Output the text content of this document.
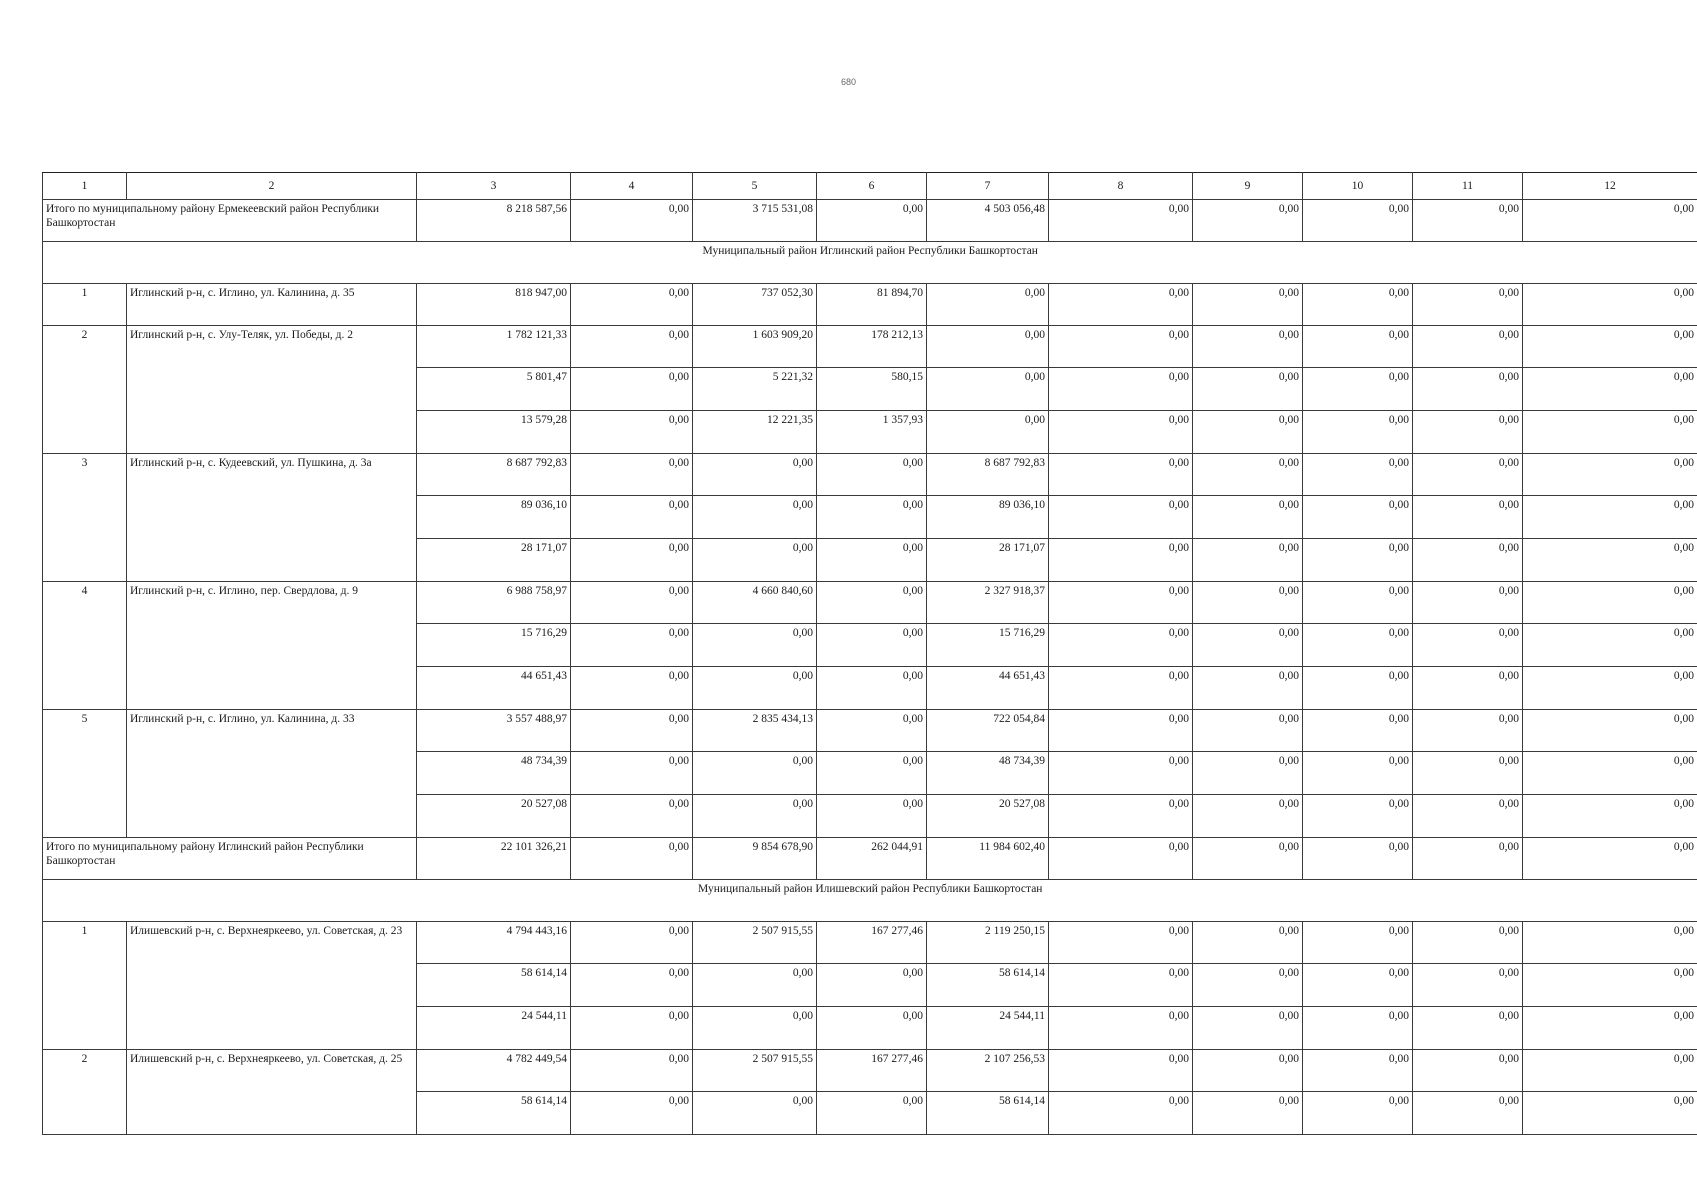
680
1	2	3	4	5	6	7	8	9	10	11	12
Итого по муниципальному району Ермекеевский район Республики Башкортостан		8 218 587,56	0,00	3 715 531,08	0,00	4 503 056,48	0,00	0,00	0,00	0,00	0,00
Муниципальный район Иглинский район Республики Башкортостан											
1	Иглинский р-н, с. Иглино, ул. Калинина, д. 35	818 947,00	0,00	737 052,30	81 894,70	0,00	0,00	0,00	0,00	0,00	0,00
2	Иглинский р-н, с. Улу-Теляк, ул. Победы, д. 2	1 782 121,33	0,00	1 603 909,20	178 212,13	0,00	0,00	0,00	0,00	0,00	0,00
		5 801,47	0,00	5 221,32	580,15	0,00	0,00	0,00	0,00	0,00	0,00
		13 579,28	0,00	12 221,35	1 357,93	0,00	0,00	0,00	0,00	0,00	0,00
3	Иглинский р-н, с. Кудеевский, ул. Пушкина, д. 3а	8 687 792,83	0,00	0,00	0,00	8 687 792,83	0,00	0,00	0,00	0,00	0,00
		89 036,10	0,00	0,00	0,00	89 036,10	0,00	0,00	0,00	0,00	0,00
		28 171,07	0,00	0,00	0,00	28 171,07	0,00	0,00	0,00	0,00	0,00
4	Иглинский р-н, с. Иглино, пер. Свердлова, д. 9	6 988 758,97	0,00	4 660 840,60	0,00	2 327 918,37	0,00	0,00	0,00	0,00	0,00
		15 716,29	0,00	0,00	0,00	15 716,29	0,00	0,00	0,00	0,00	0,00
		44 651,43	0,00	0,00	0,00	44 651,43	0,00	0,00	0,00	0,00	0,00
5	Иглинский р-н, с. Иглино, ул. Калинина, д. 33	3 557 488,97	0,00	2 835 434,13	0,00	722 054,84	0,00	0,00	0,00	0,00	0,00
		48 734,39	0,00	0,00	0,00	48 734,39	0,00	0,00	0,00	0,00	0,00
		20 527,08	0,00	0,00	0,00	20 527,08	0,00	0,00	0,00	0,00	0,00
Итого по муниципальному району Иглинский район Республики Башкортостан		22 101 326,21	0,00	9 854 678,90	262 044,91	11 984 602,40	0,00	0,00	0,00	0,00	0,00
Муниципальный район Илишевский район Республики Башкортостан											
1	Илишевский р-н, с. Верхнеяркеево, ул. Советская, д. 23	4 794 443,16	0,00	2 507 915,55	167 277,46	2 119 250,15	0,00	0,00	0,00	0,00	0,00
		58 614,14	0,00	0,00	0,00	58 614,14	0,00	0,00	0,00	0,00	0,00
		24 544,11	0,00	0,00	0,00	24 544,11	0,00	0,00	0,00	0,00	0,00
2	Илишевский р-н, с. Верхнеяркеево, ул. Советская, д. 25	4 782 449,54	0,00	2 507 915,55	167 277,46	2 107 256,53	0,00	0,00	0,00	0,00	0,00
		58 614,14	0,00	0,00	0,00	58 614,14	0,00	0,00	0,00	0,00	0,00
